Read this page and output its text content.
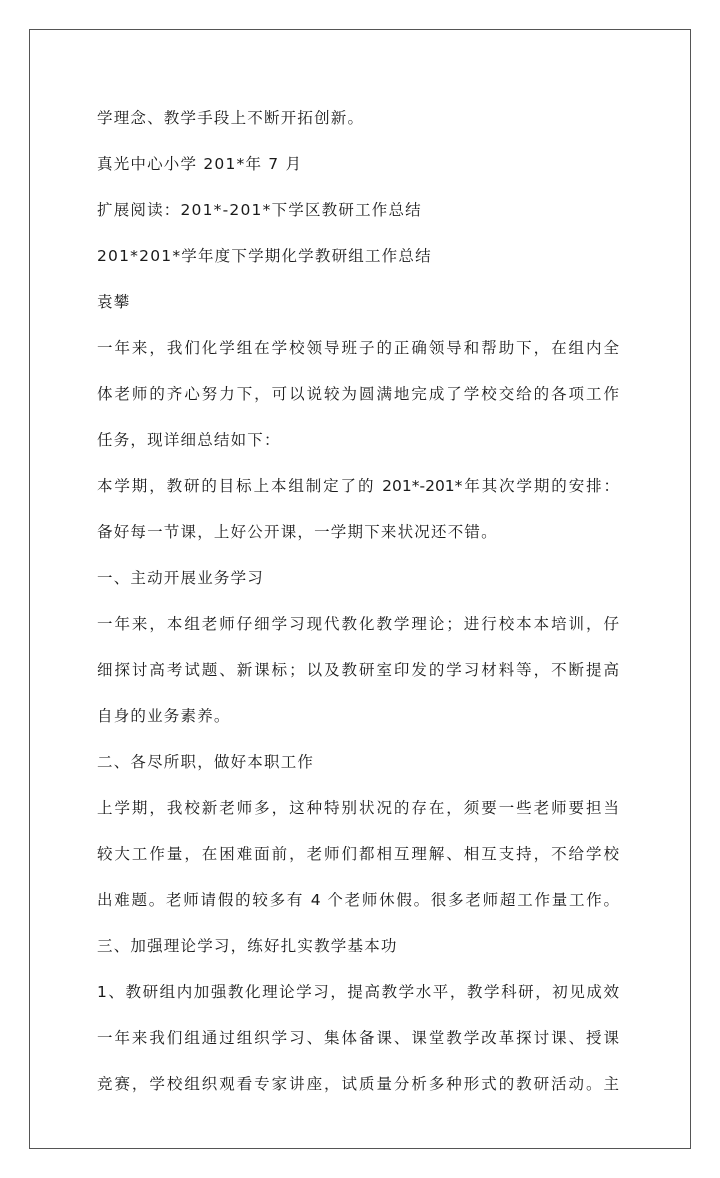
学理念、教学手段上不断开拓创新。
真光中心小学 201*年 7 月
扩展阅读：201*-201*下学区教研工作总结
201*201*学年度下学期化学教研组工作总结
袁攀
一年来，我们化学组在学校领导班子的正确领导和帮助下，在组内全
体老师的齐心努力下，可以说较为圆满地完成了学校交给的各项工作
任务，现详细总结如下：
本学期，教研的目标上本组制定了的 201*-201*年其次学期的安排：
备好每一节课，上好公开课，一学期下来状况还不错。
一、主动开展业务学习
一年来，本组老师仔细学习现代教化教学理论；进行校本本培训，仔
细探讨高考试题、新课标；以及教研室印发的学习材料等，不断提高
自身的业务素养。
二、各尽所职，做好本职工作
上学期，我校新老师多，这种特别状况的存在，须要一些老师要担当
较大工作量，在困难面前，老师们都相互理解、相互支持，不给学校
出难题。老师请假的较多有 4 个老师休假。很多老师超工作量工作。
三、加强理论学习，练好扎实教学基本功
1、教研组内加强教化理论学习，提高教学水平，教学科研，初见成效
一年来我们组通过组织学习、集体备课、课堂教学改革探讨课、授课
竞赛，学校组织观看专家讲座，试质量分析多种形式的教研活动。主
